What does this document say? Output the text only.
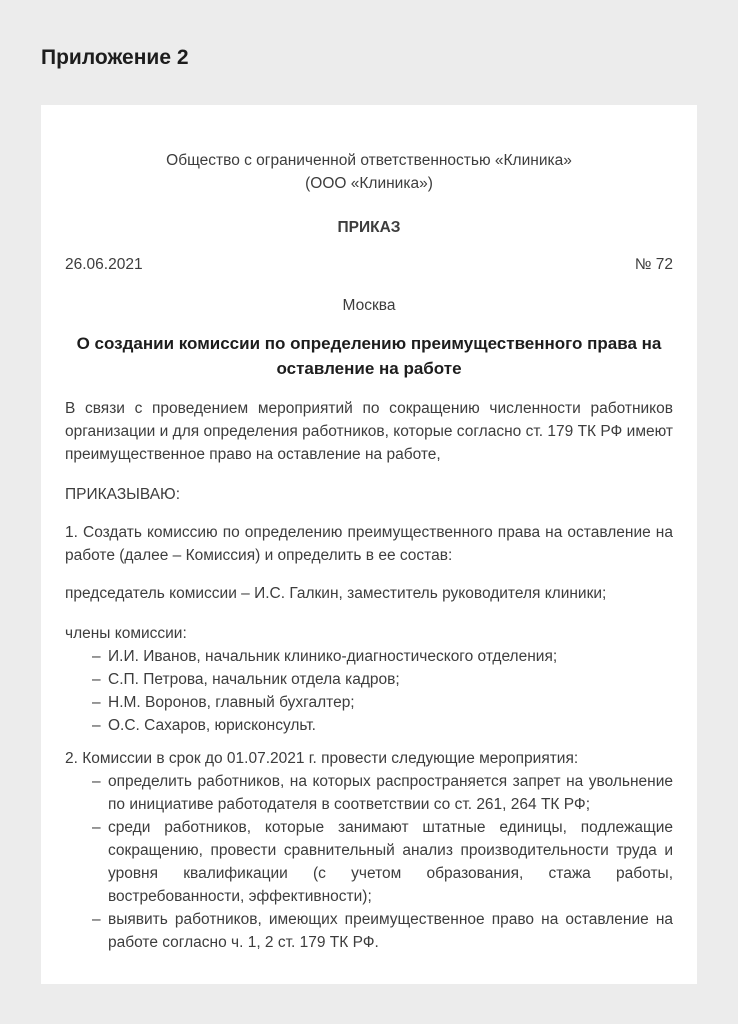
Приложение 2

Общество с ограниченной ответственностью «Клиника»

(ООО «Клиника»)

ПРИКАЗ

26.06.2021	№ 72

Москва

О создании комиссии по определению преимущественного права на оставление на работе

В связи с проведением мероприятий по сокращению численности работников организации и для определения работников, которые согласно ст. 179 ТК РФ имеют преимущественное право на оставление на работе,

ПРИКАЗЫВАЮ:

1. Создать комиссию по определению преимущественного права на оставление на работе (далее – Комиссия) и определить в ее состав:

председатель комиссии – И.С. Галкин, заместитель руководителя клиники;

члены комиссии:

– И.И. Иванов, начальник клинико-диагностического отделения;
– С.П. Петрова, начальник отдела кадров;
– Н.М. Воронов, главный бухгалтер;
– О.С. Сахаров, юрисконсульт.

2. Комиссии в срок до 01.07.2021 г. провести следующие мероприятия:

– определить работников, на которых распространяется запрет на увольнение по инициативе работодателя в соответствии со ст. 261, 264 ТК РФ;
– среди работников, которые занимают штатные единицы, подлежащие сокращению, провести сравнительный анализ производительности труда и уровня квалификации (с учетом образования, стажа работы, востребованности, эффективности);
– выявить работников, имеющих преимущественное право на оставление на работе согласно ч. 1, 2 ст. 179 ТК РФ.
